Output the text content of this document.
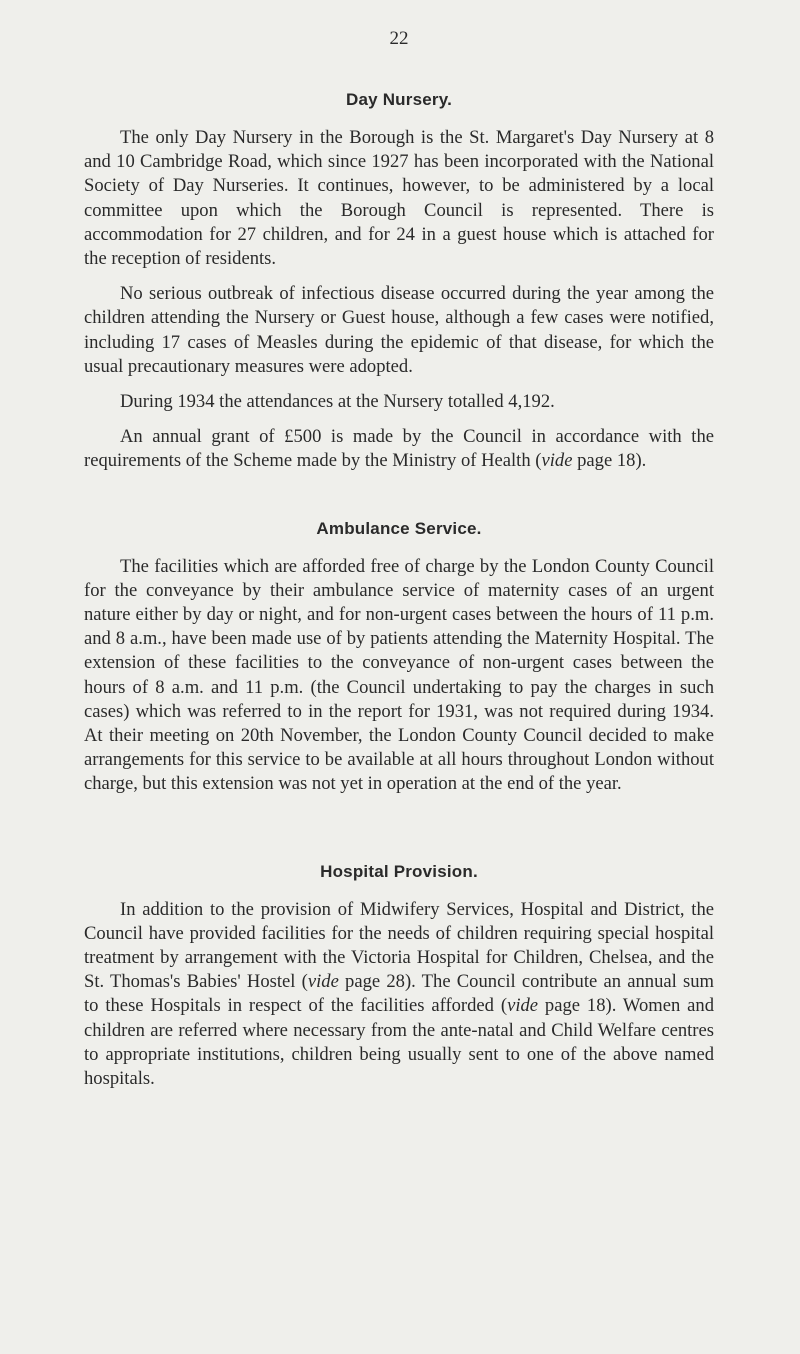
22
Day Nursery.

The only Day Nursery in the Borough is the St. Margaret's Day Nursery at 8 and 10 Cambridge Road, which since 1927 has been incorporated with the National Society of Day Nurseries. It continues, however, to be administered by a local committee upon which the Borough Council is represented. There is accommodation for 27 children, and for 24 in a guest house which is attached for the reception of residents.

No serious outbreak of infectious disease occurred during the year among the children attending the Nursery or Guest house, although a few cases were notified, including 17 cases of Measles during the epidemic of that disease, for which the usual precautionary measures were adopted.

During 1934 the attendances at the Nursery totalled 4,192.

An annual grant of £500 is made by the Council in accordance with the requirements of the Scheme made by the Ministry of Health (vide page 18).

Ambulance Service.

The facilities which are afforded free of charge by the London County Council for the conveyance by their ambulance service of maternity cases of an urgent nature either by day or night, and for non-urgent cases between the hours of 11 p.m. and 8 a.m., have been made use of by patients attending the Maternity Hospital. The extension of these facilities to the conveyance of non-urgent cases between the hours of 8 a.m. and 11 p.m. (the Council undertaking to pay the charges in such cases) which was referred to in the report for 1931, was not required during 1934. At their meeting on 20th November, the London County Council decided to make arrangements for this service to be available at all hours throughout London without charge, but this extension was not yet in operation at the end of the year.

Hospital Provision.

In addition to the provision of Midwifery Services, Hospital and District, the Council have provided facilities for the needs of children requiring special hospital treatment by arrangement with the Victoria Hospital for Children, Chelsea, and the St. Thomas's Babies' Hostel (vide page 28). The Council contribute an annual sum to these Hospitals in respect of the facilities afforded (vide page 18). Women and children are referred where necessary from the ante-natal and Child Welfare centres to appropriate institutions, children being usually sent to one of the above named hospitals.
